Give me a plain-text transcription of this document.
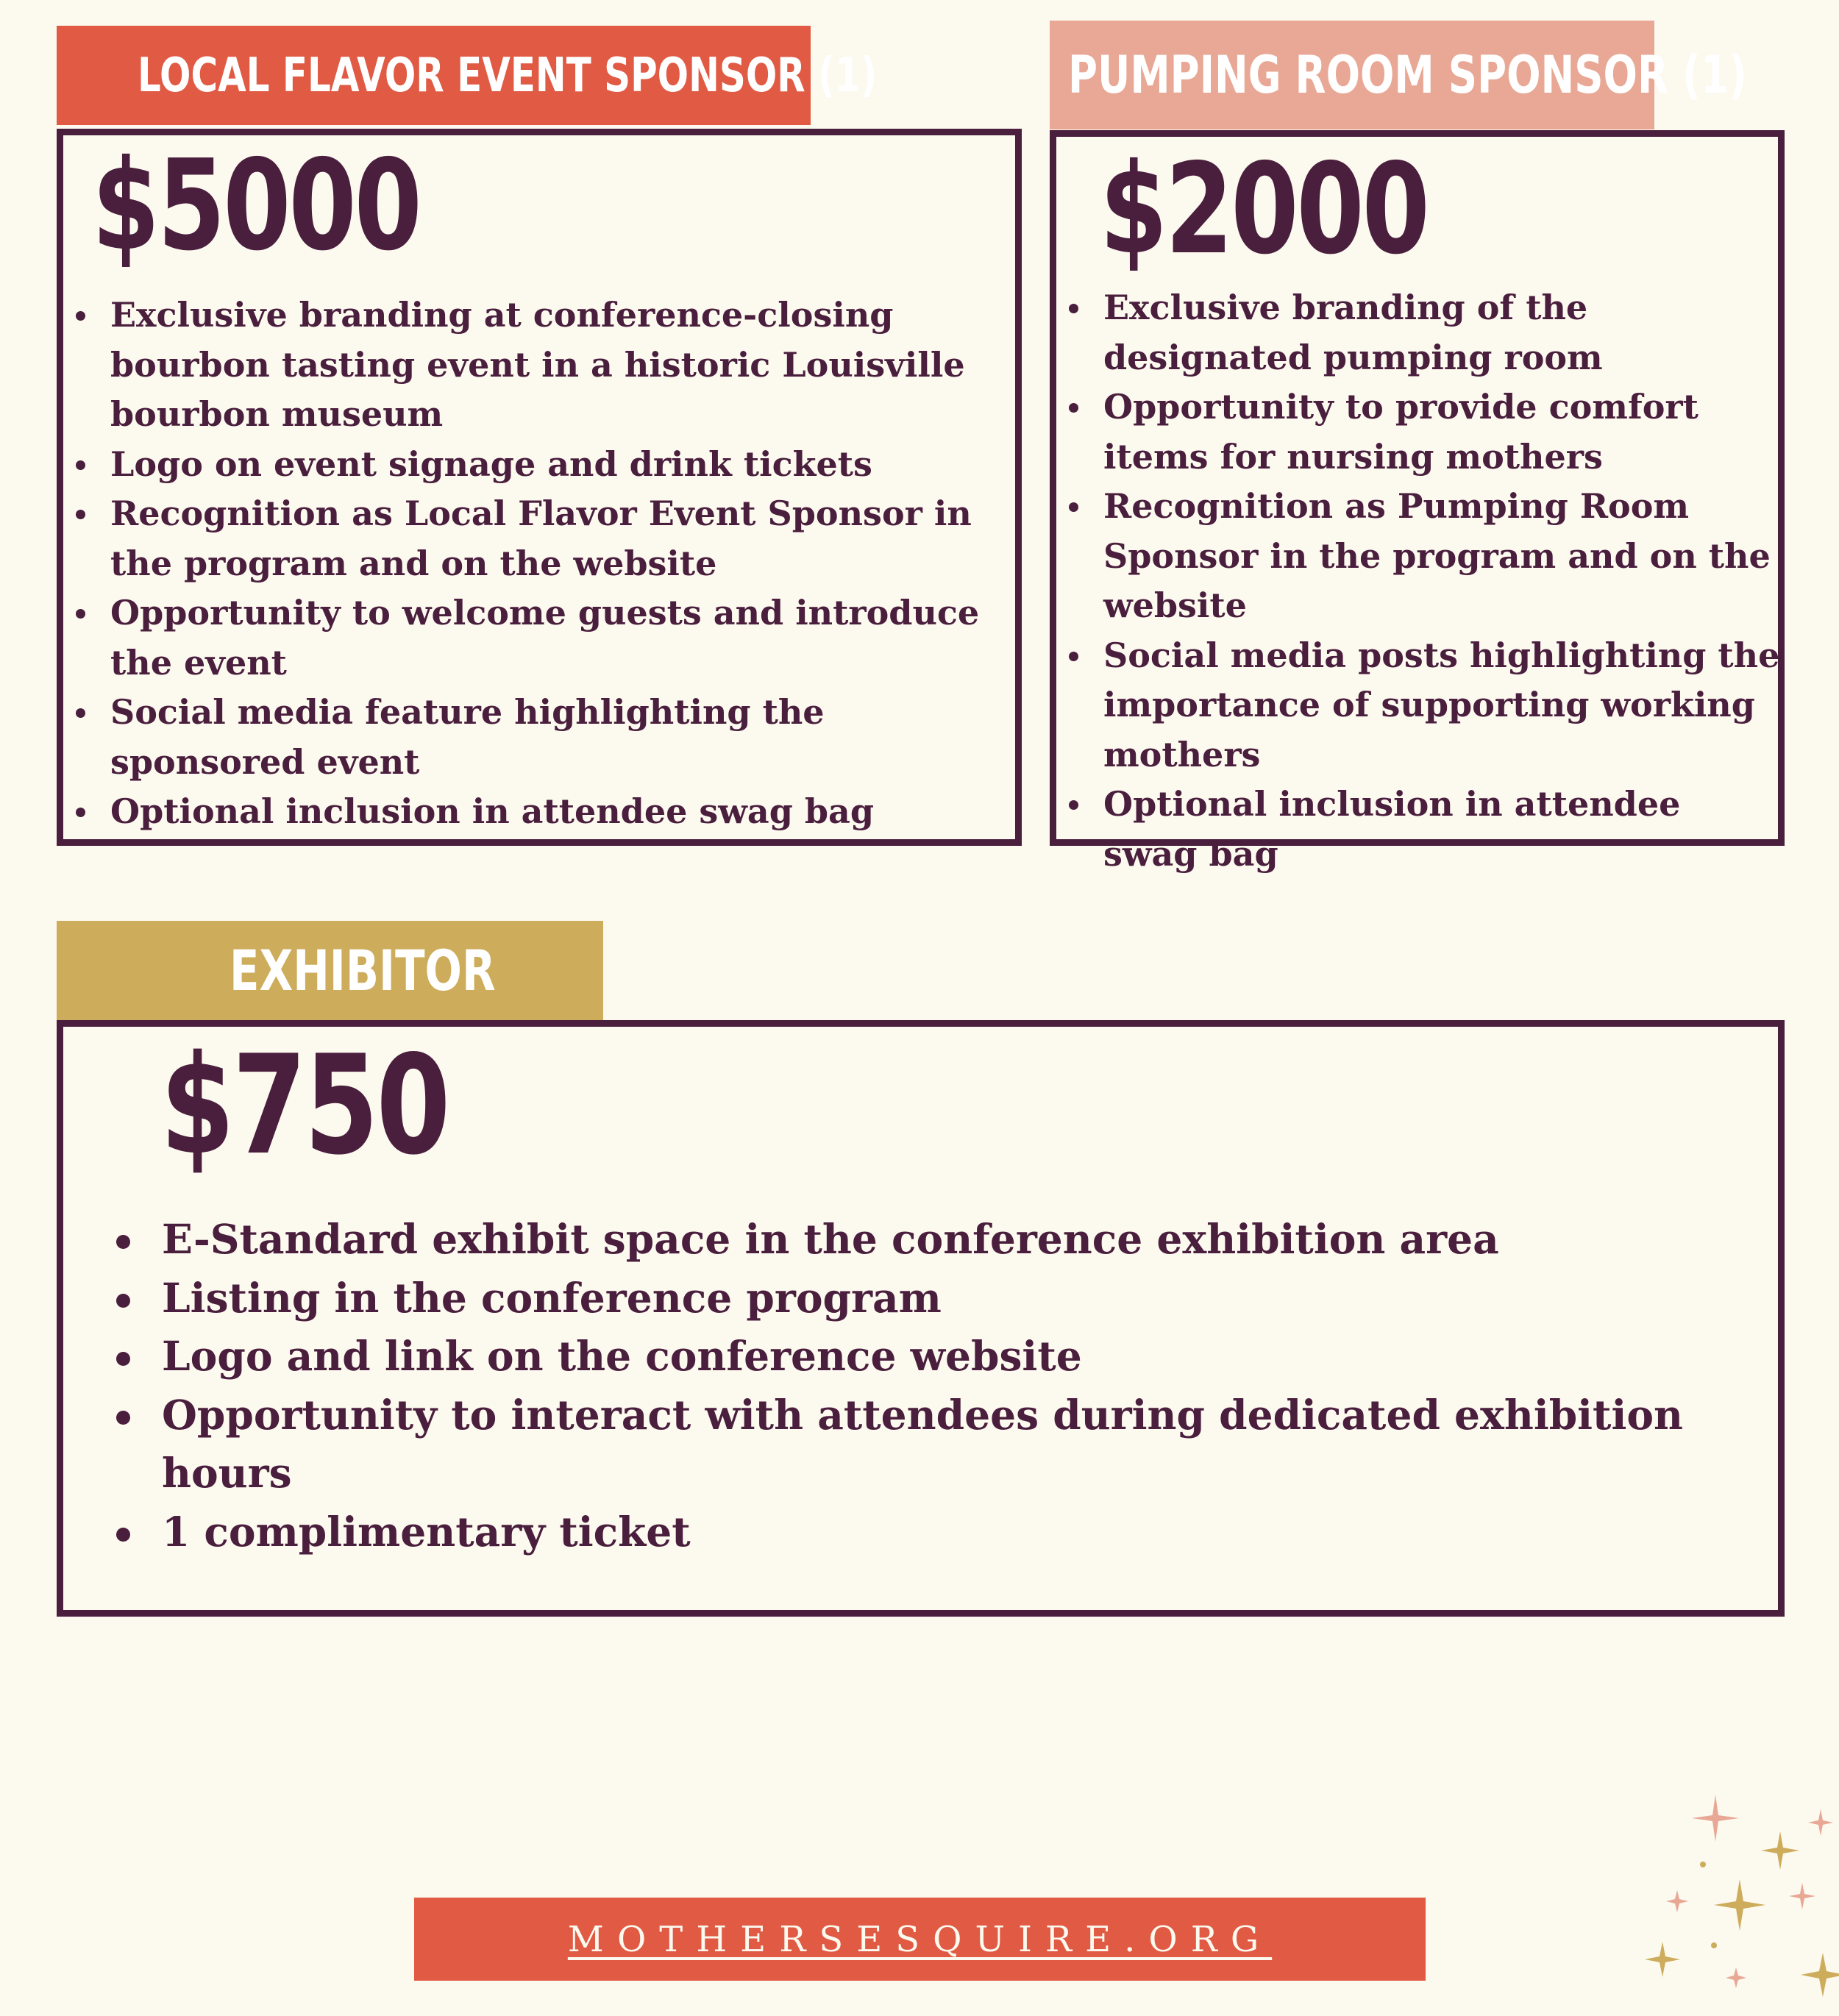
LOCAL FLAVOR EVENT SPONSOR (1)
$5000
Exclusive branding at conference-closing bourbon tasting event in a historic Louisville bourbon museum
Logo on event signage and drink tickets
Recognition as Local Flavor Event Sponsor in the program and on the website
Opportunity to welcome guests and introduce the event
Social media feature highlighting the sponsored event
Optional inclusion in attendee swag bag
PUMPING ROOM SPONSOR (1)
$2000
Exclusive branding of the designated pumping room
Opportunity to provide comfort items for nursing mothers
Recognition as Pumping Room Sponsor in the program and on the website
Social media posts highlighting the importance of supporting working mothers
Optional inclusion in attendee swag bag
EXHIBITOR
$750
E-Standard exhibit space in the conference exhibition area
Listing in the conference program
Logo and link on the conference website
Opportunity to interact with attendees during dedicated exhibition hours
1 complimentary ticket
MOTHERSESQUIRE.ORG
